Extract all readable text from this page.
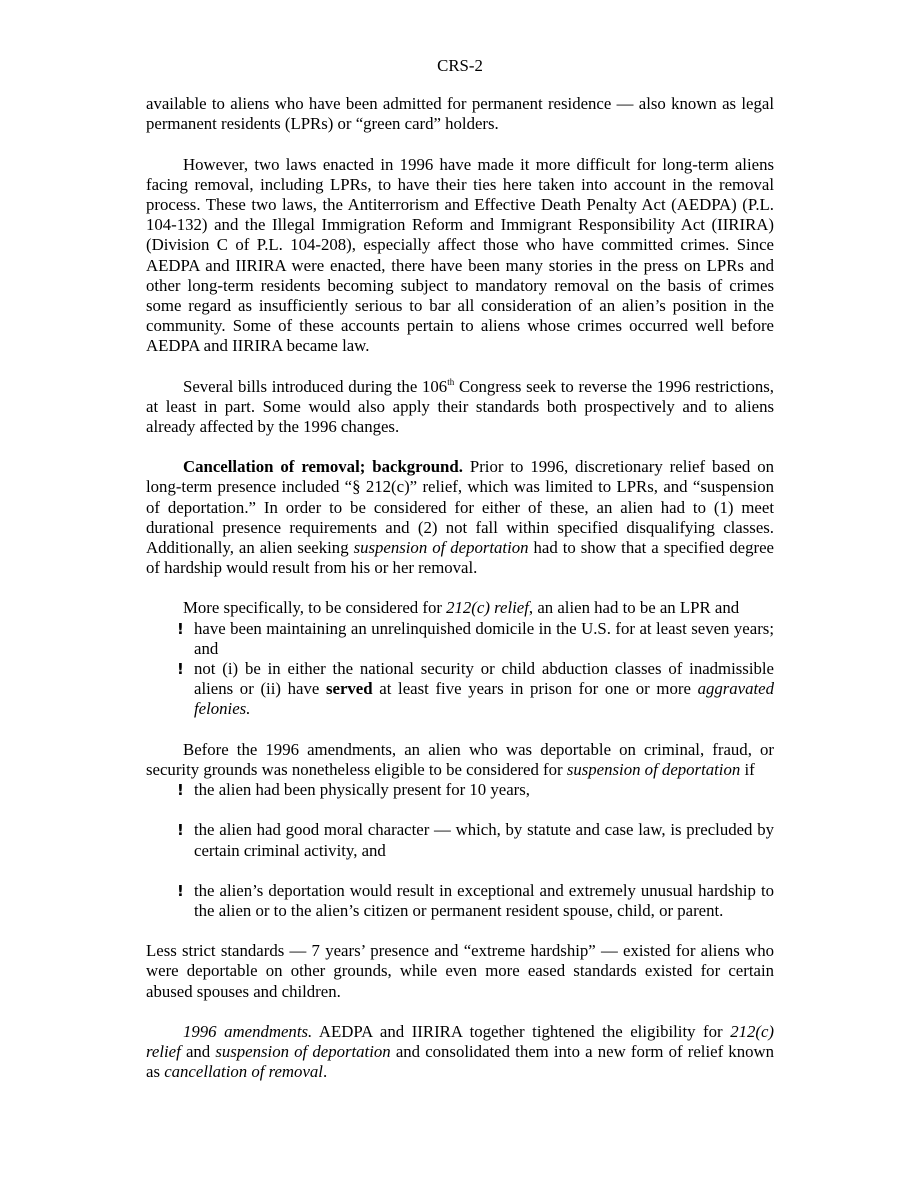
CRS-2

available to aliens who have been admitted for permanent residence — also known as legal permanent residents (LPRs) or “green card” holders.

However, two laws enacted in 1996 have made it more difficult for long-term aliens facing removal, including LPRs, to have their ties here taken into account in the removal process. These two laws, the Antiterrorism and Effective Death Penalty Act (AEDPA) (P.L. 104-132) and the Illegal Immigration Reform and Immigrant Responsibility Act (IIRIRA) (Division C of P.L. 104-208), especially affect those who have committed crimes. Since AEDPA and IIRIRA were enacted, there have been many stories in the press on LPRs and other long-term residents becoming subject to mandatory removal on the basis of crimes some regard as insufficiently serious to bar all consideration of an alien’s position in the community. Some of these accounts pertain to aliens whose crimes occurred well before AEDPA and IIRIRA became law.

Several bills introduced during the 106th Congress seek to reverse the 1996 restrictions, at least in part. Some would also apply their standards both prospectively and to aliens already affected by the 1996 changes.

Cancellation of removal; background. Prior to 1996, discretionary relief based on long-term presence included “§ 212(c)” relief, which was limited to LPRs, and “suspension of deportation.” In order to be considered for either of these, an alien had to (1) meet durational presence requirements and (2) not fall within specified disqualifying classes. Additionally, an alien seeking suspension of deportation had to show that a specified degree of hardship would result from his or her removal.

More specifically, to be considered for 212(c) relief, an alien had to be an LPR and

! have been maintaining an unrelinquished domicile in the U.S. for at least seven years; and
! not (i) be in either the national security or child abduction classes of inadmissible aliens or (ii) have served at least five years in prison for one or more aggravated felonies.

Before the 1996 amendments, an alien who was deportable on criminal, fraud, or security grounds was nonetheless eligible to be considered for suspension of deportation if

! the alien had been physically present for 10 years,
! the alien had good moral character — which, by statute and case law, is precluded by certain criminal activity, and
! the alien’s deportation would result in exceptional and extremely unusual hardship to the alien or to the alien’s citizen or permanent resident spouse, child, or parent.

Less strict standards — 7 years’ presence and “extreme hardship” — existed for aliens who were deportable on other grounds, while even more eased standards existed for certain abused spouses and children.

1996 amendments. AEDPA and IIRIRA together tightened the eligibility for 212(c) relief and suspension of deportation and consolidated them into a new form of relief known as cancellation of removal.
